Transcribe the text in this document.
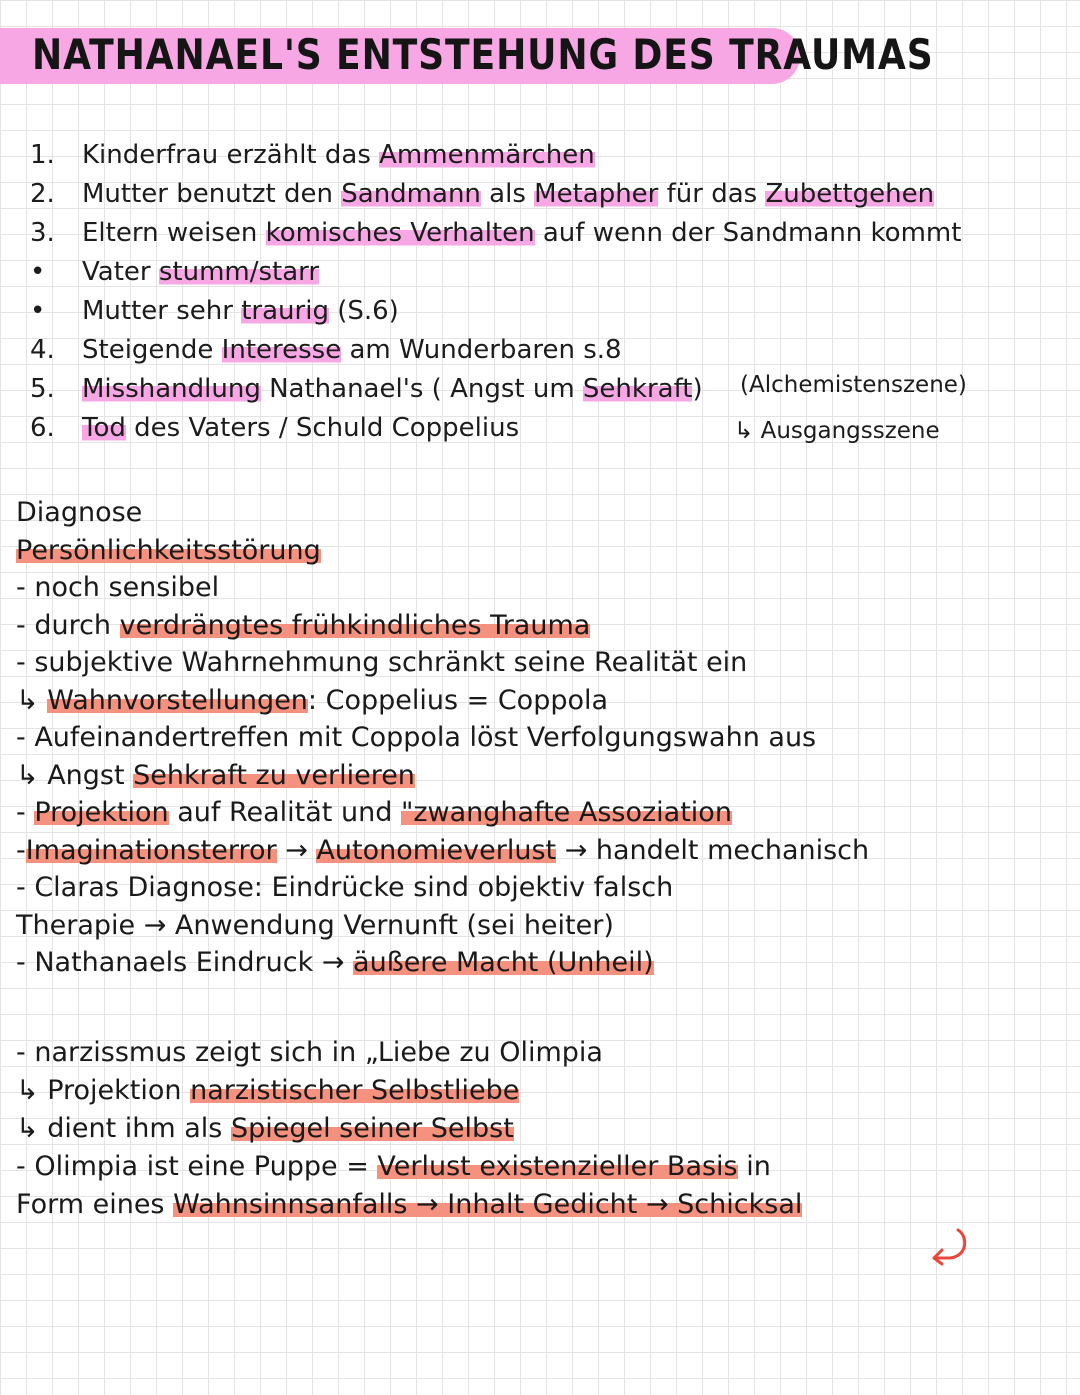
NATHANAEL'S ENTSTEHUNG DES TRAUMAS
1.	Kinderfrau erzählt das Ammenmärchen
2.	Mutter benutzt den Sandmann als Metapher für das Zubettgehen
3.	Eltern weisen komisches Verhalten auf wenn der Sandmann kommt
•	Vater stumm/starr
•	Mutter sehr traurig (S.6)
4.	Steigende Interesse am Wunderbaren s.8
5.	Misshandlung Nathanael's ( Angst um Sehkraft)
6.	Tod des Vaters / Schuld Coppelius
(Alchemistenszene)
↳ Ausgangsszene
Diagnose
Persönlichkeitsstörung
- noch sensibel
- durch verdrängtes frühkindliches Trauma
- subjektive Wahrnehmung schränkt seine Realität ein
↳ Wahnvorstellungen: Coppelius = Coppola
- Aufeinandertreffen mit Coppola löst Verfolgungswahn aus
↳ Angst Sehkraft zu verlieren
- Projektion auf Realität und "zwanghafte Assoziation
-Imaginationsterror → Autonomieverlust → handelt mechanisch
- Claras Diagnose: Eindrücke sind objektiv falsch
Therapie → Anwendung Vernunft (sei heiter)
- Nathanaels Eindruck → äußere Macht (Unheil)
- narzissmus zeigt sich in „Liebe zu Olimpia
↳ Projektion narzistischer Selbstliebe
↳ dient ihm als Spiegel seiner Selbst
- Olimpia ist eine Puppe = Verlust existenzieller Basis in
Form eines Wahnsinnsanfalls → Inhalt Gedicht → Schicksal
